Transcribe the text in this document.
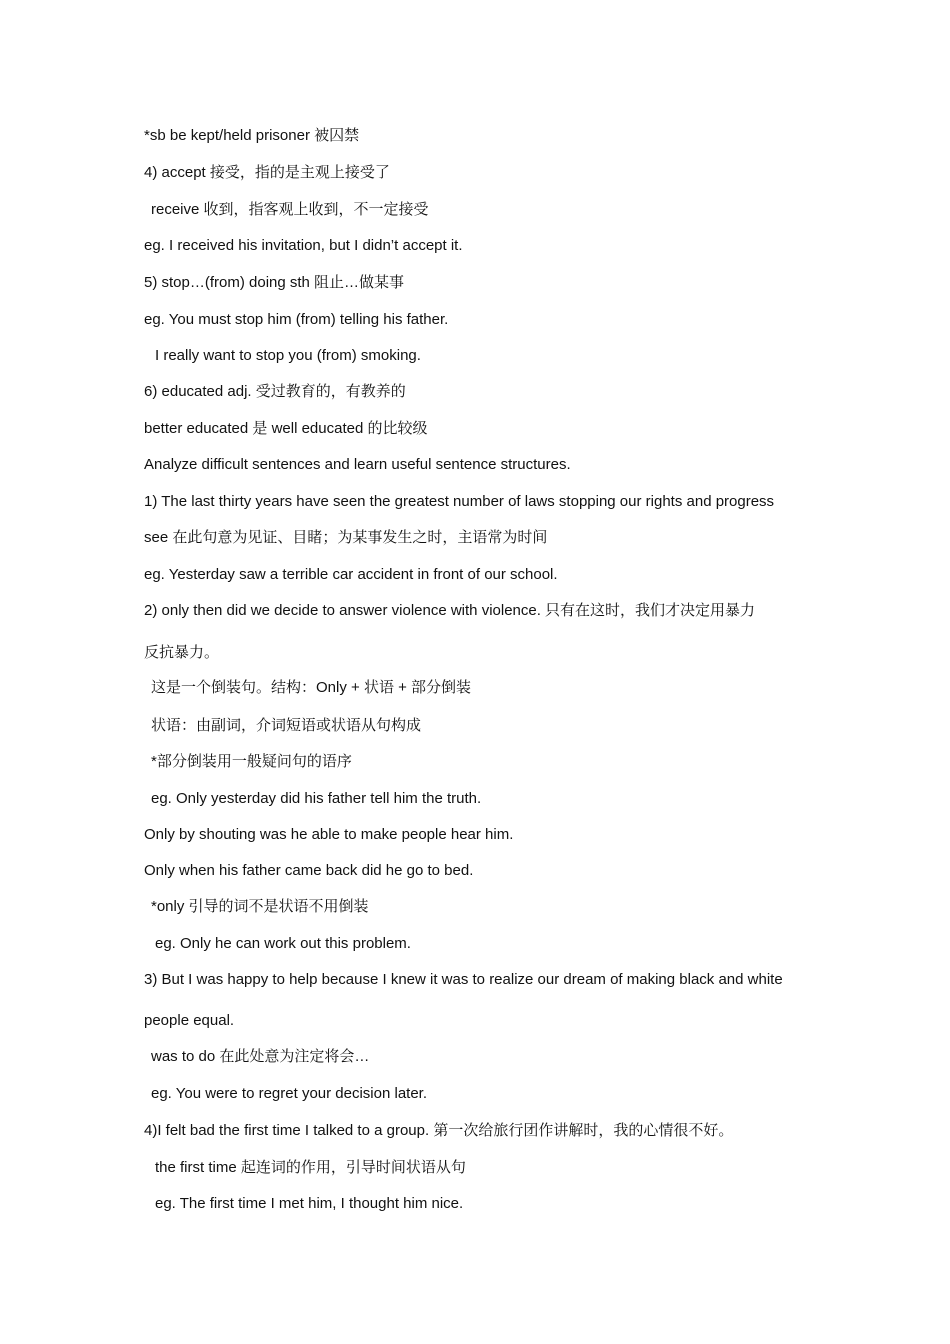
*sb be kept/held prisoner 被囚禁
4) accept 接受，指的是主观上接受了
receive 收到，指客观上收到，不一定接受
eg. I received his invitation, but I didn’t accept it.
5) stop…(from) doing sth 阻止…做某事
eg. You must stop him (from) telling his father.
I really want to stop you (from) smoking.
6) educated adj. 受过教育的，有教养的
better educated 是 well educated 的比较级
Analyze difficult sentences and learn useful sentence structures.
1) The last thirty years have seen the greatest number of laws stopping our rights and progress
see 在此句意为见证、目睹；为某事发生之时，主语常为时间
eg. Yesterday saw a terrible car accident in front of our school.
2) only then did we decide to answer violence with violence. 只有在这时，我们才决定用暴力
反抗暴力。
这是一个倒装句。结构：Only + 状语 + 部分倒装
状语：由副词，介词短语或状语从句构成
*部分倒装用一般疑问句的语序
eg. Only yesterday did his father tell him the truth.
Only by shouting was he able to make people hear him.
Only when his father came back did he go to bed.
*only 引导的词不是状语不用倒装
eg. Only he can work out this problem.
3) But I was happy to help because I knew it was to realize our dream of making black and white
people equal.
was to do 在此处意为注定将会…
eg. You were to regret your decision later.
4)I felt bad the first time I talked to a group. 第一次给旅行团作讲解时，我的心情很不好。
the first time 起连词的作用，引导时间状语从句
eg. The first time I met him, I thought him nice.
